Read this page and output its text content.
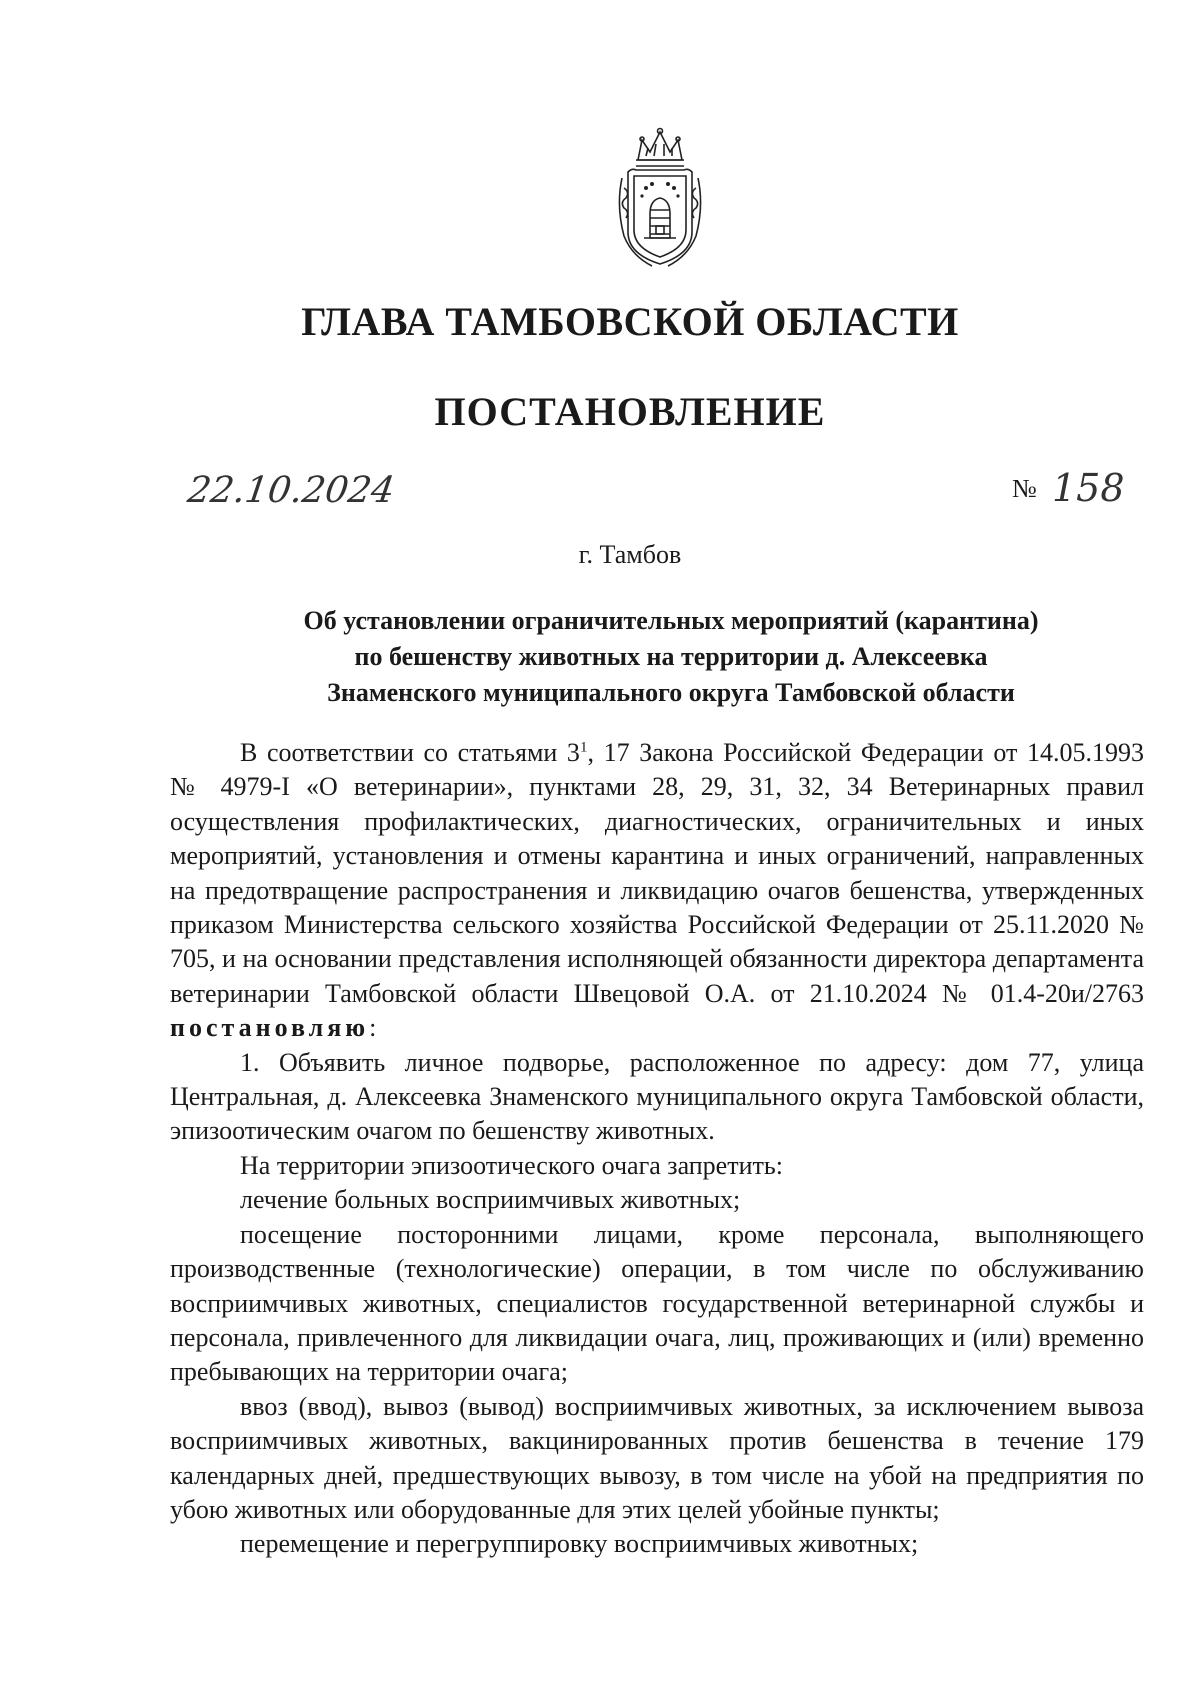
ГЛАВА ТАМБОВСКОЙ ОБЛАСТИ
ПОСТАНОВЛЕНИЕ
22.10.2024	№ 158
г. Тамбов
Об установлении ограничительных мероприятий (карантина)
по бешенству животных на территории д. Алексеевка
Знаменского муниципального округа Тамбовской области

В соответствии со статьями $3^1$, 17 Закона Российской Федерации от 14.05.1993 № 4979-I «О ветеринарии», пунктами 28, 29, 31, 32, 34 Ветеринарных правил осуществления профилактических, диагностических, ограничительных и иных мероприятий, установления и отмены карантина и иных ограничений, направленных на предотвращение распространения и ликвидацию очагов бешенства, утвержденных приказом Министерства сельского хозяйства Российской Федерации от 25.11.2020 № 705, и на основании представления исполняющей обязанности директора департамента ветеринарии Тамбовской области Швецовой О.А. от 21.10.2024 № 01.4-20и/2763 постановляю:

1. Объявить личное подворье, расположенное по адресу: дом 77, улица Центральная, д. Алексеевка Знаменского муниципального округа Тамбовской области, эпизоотическим очагом по бешенству животных.

На территории эпизоотического очага запретить:

лечение больных восприимчивых животных;

посещение посторонними лицами, кроме персонала, выполняющего производственные (технологические) операции, в том числе по обслуживанию восприимчивых животных, специалистов государственной ветеринарной службы и персонала, привлеченного для ликвидации очага, лиц, проживающих и (или) временно пребывающих на территории очага;

ввоз (ввод), вывоз (вывод) восприимчивых животных, за исключением вывоза восприимчивых животных, вакцинированных против бешенства в течение 179 календарных дней, предшествующих вывозу, в том числе на убой на предприятия по убою животных или оборудованные для этих целей убойные пункты;

перемещение и перегруппировку восприимчивых животных;
